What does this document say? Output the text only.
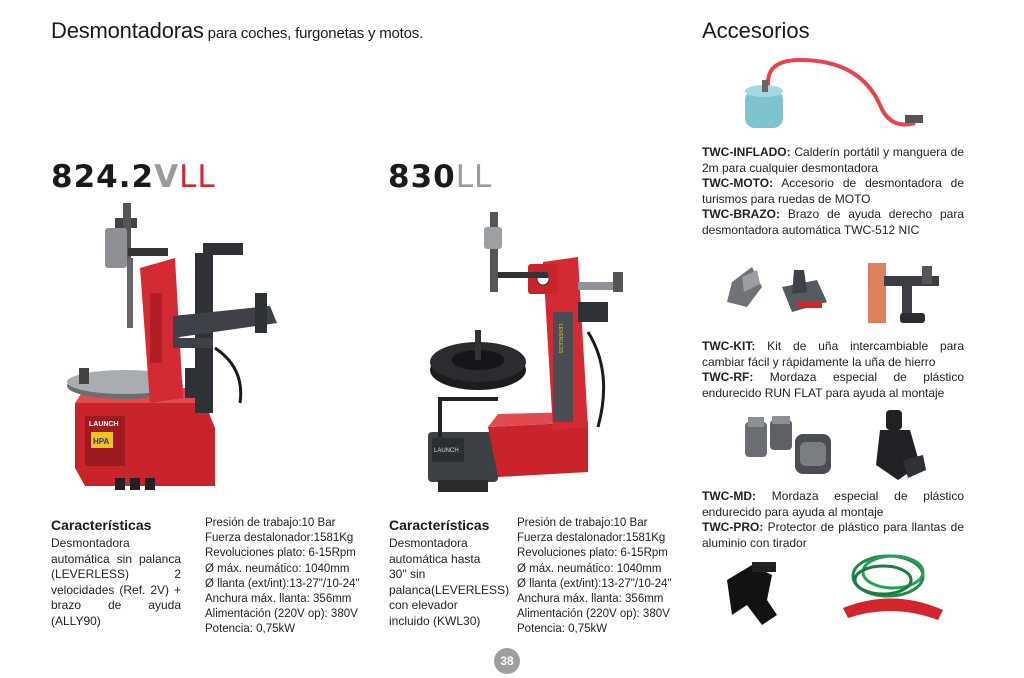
Desmontadoras para coches, furgonetas y motos.	Accesorios
824.2VLL	830LL
LAUNCH
HPA
LAUNCH
LEVERLESS
Características
Desmontadora automática sin palanca (LEVERLESS) 2 velocidades (Ref. 2V) + brazo de ayuda (ALLY90)
Presión de trabajo:10 Bar
Fuerza destalonador:1581Kg
Revoluciones plato: 6-15Rpm
Ø máx. neumático: 1040mm
Ø llanta (ext/int):13-27"/10-24"
Anchura máx. llanta: 356mm
Alimentación (220V op): 380V
Potencia: 0,75kW
Características
Desmontadora automática hasta 30" sin palanca(LEVERLESS) con elevador incluido (KWL30)
Presión de trabajo:10 Bar
Fuerza destalonador:1581Kg
Revoluciones plato: 6-15Rpm
Ø máx. neumático: 1040mm
Ø llanta (ext/int):13-27"/10-24"
Anchura máx. llanta: 356mm
Alimentación (220V op): 380V
Potencia: 0,75kW

TWC-INFLADO: Calderín portátil y manguera de 2m para cualquier desmontadora

TWC-MOTO: Accesorio de desmontadora de turismos para ruedas de MOTO

TWC-BRAZO: Brazo de ayuda derecho para desmontadora automática TWC-512 NIC

TWC-KIT: Kit de uña intercambiable para cambiar fácil y rápidamente la uña de hierro

TWC-RF: Mordaza especial de plástico endurecido RUN FLAT para ayuda al montaje

TWC-MD: Mordaza especial de plástico endurecido para ayuda al montaje

TWC-PRO: Protector de plástico para llantas de aluminio con tirador

38
